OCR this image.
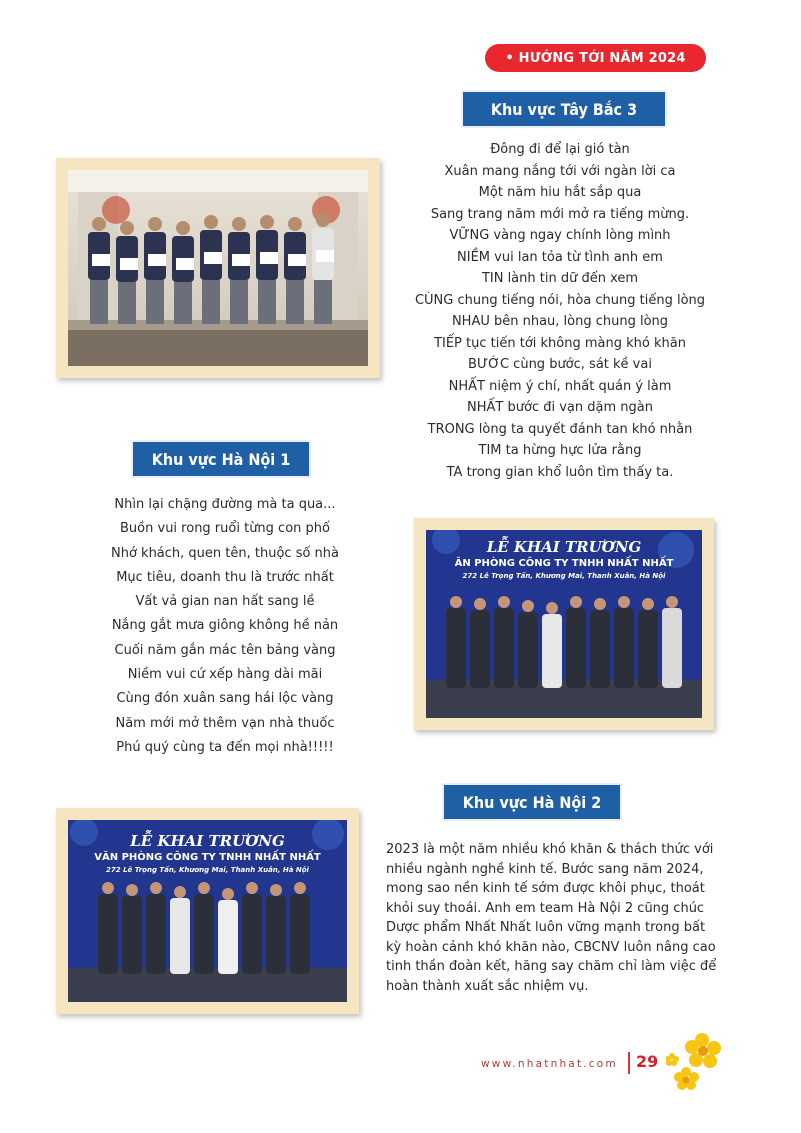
• HƯỚNG TỚI NĂM 2024
Khu vực Tây Bắc 3
Đông đi để lại gió tàn
Xuân mang nắng tới với ngàn lời ca
Một năm hiu hắt sắp qua
Sang trang năm mới mở ra tiếng mừng.
VỮNG vàng ngay chính lòng mình
NIỀM vui lan tỏa từ tình anh em
TIN lành tin dữ đến xem
CÙNG chung tiếng nói, hòa chung tiếng lòng
NHAU bên nhau, lòng chung lòng
TIẾP tục tiến tới không màng khó khăn
BƯỚC cùng bước, sát kề vai
NHẤT niệm ý chí, nhất quán ý làm
NHẤT bước đi vạn dặm ngàn
TRONG lòng ta quyết đánh tan khó nhằn
TIM ta hừng hực lửa rằng
TA trong gian khổ luôn tìm thấy ta.
Khu vực Hà Nội 1
Nhìn lại chặng đường mà ta qua...
Buồn vui rong ruổi từng con phố
Nhớ khách, quen tên, thuộc số nhà
Mục tiêu, doanh thu là trước nhất
Vất vả gian nan hất sang lề
Nắng gắt mưa giông không hề nản
Cuối năm gắn mác tên bảng vàng
Niềm vui cứ xếp hàng dài mãi
Cùng đón xuân sang hái lộc vàng
Năm mới mở thêm vạn nhà thuốc
Phú quý cùng ta đến mọi nhà!!!!!
LỄ KHAI TRƯƠNG
ĂN PHÒNG CÔNG TY TNHH NHẤT NHẤT
272 Lê Trọng Tấn, Khương Mai, Thanh Xuân, Hà Nội
Khu vực Hà Nội 2
LỄ KHAI TRƯƠNG
VĂN PHÒNG CÔNG TY TNHH NHẤT NHẤT
272 Lê Trọng Tấn, Khương Mai, Thanh Xuân, Hà Nội
2023 là một năm nhiều khó khăn & thách thức với nhiều ngành nghề kinh tế. Bước sang năm 2024, mong sao nền kinh tế sớm được khôi phục, thoát khỏi suy thoái. Anh em team Hà Nội 2 cũng chúc Dược phẩm Nhất Nhất luôn vững mạnh trong bất kỳ hoàn cảnh khó khăn nào, CBCNV luôn nâng cao tinh thần đoàn kết, hăng say chăm chỉ làm việc để hoàn thành xuất sắc nhiệm vụ.
www.nhatnhat.com 29
